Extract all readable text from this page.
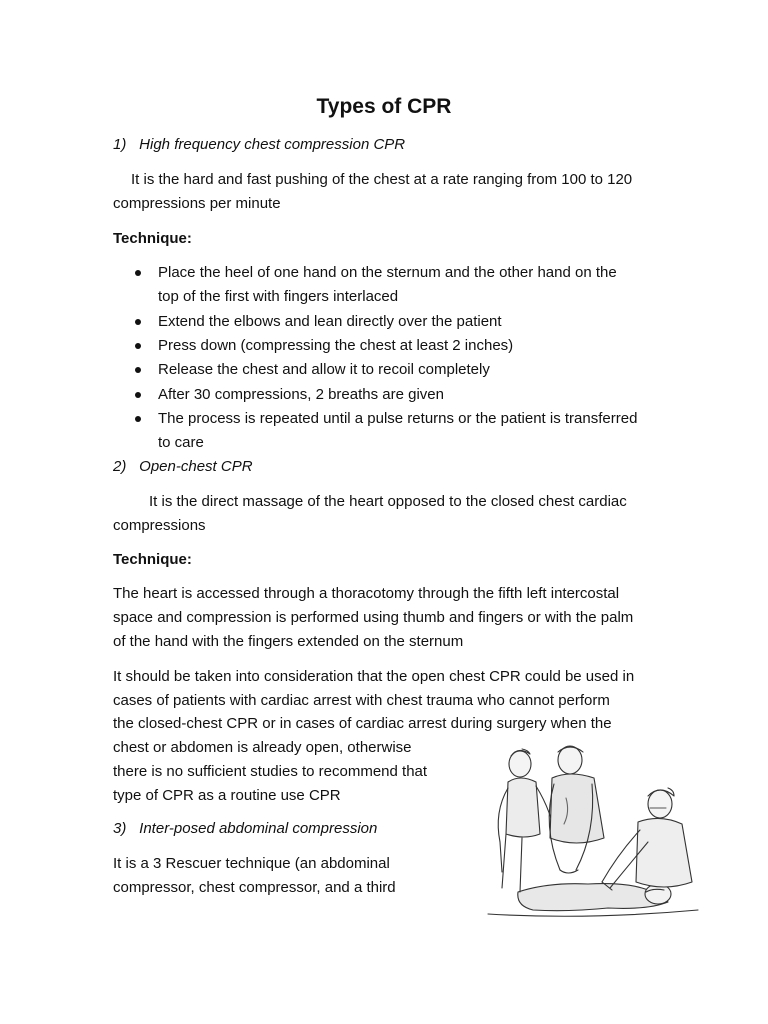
Types of CPR
1) High frequency chest compression CPR
It is the hard and fast pushing of the chest at a rate ranging from 100 to 120
compressions per minute
Technique:
Place the heel of one hand on the sternum and the other hand on the
top of the first with fingers interlaced
Extend the elbows and lean directly over the patient
Press down (compressing the chest at least 2 inches)
Release the chest and allow it to recoil completely
After 30 compressions, 2 breaths are given
The process is repeated until a pulse returns or the patient is transferred
to care
2) Open-chest CPR
It is the direct massage of the heart opposed to the closed chest cardiac
compressions
Technique:
The heart is accessed through a thoracotomy through the fifth left intercostal
space and compression is performed using thumb and fingers or with the palm
of the hand with the fingers extended on the sternum
It should be taken into consideration that the open chest CPR could be used in
cases of patients with cardiac arrest with chest trauma who cannot perform
the closed-chest CPR or in cases of cardiac arrest during surgery when the
chest or abdomen is already open, otherwise
there is no sufficient studies to recommend that
type of CPR as a routine use CPR
3) Inter-posed abdominal compression
It is a 3 Rescuer technique (an abdominal
compressor, chest compressor, and a third
